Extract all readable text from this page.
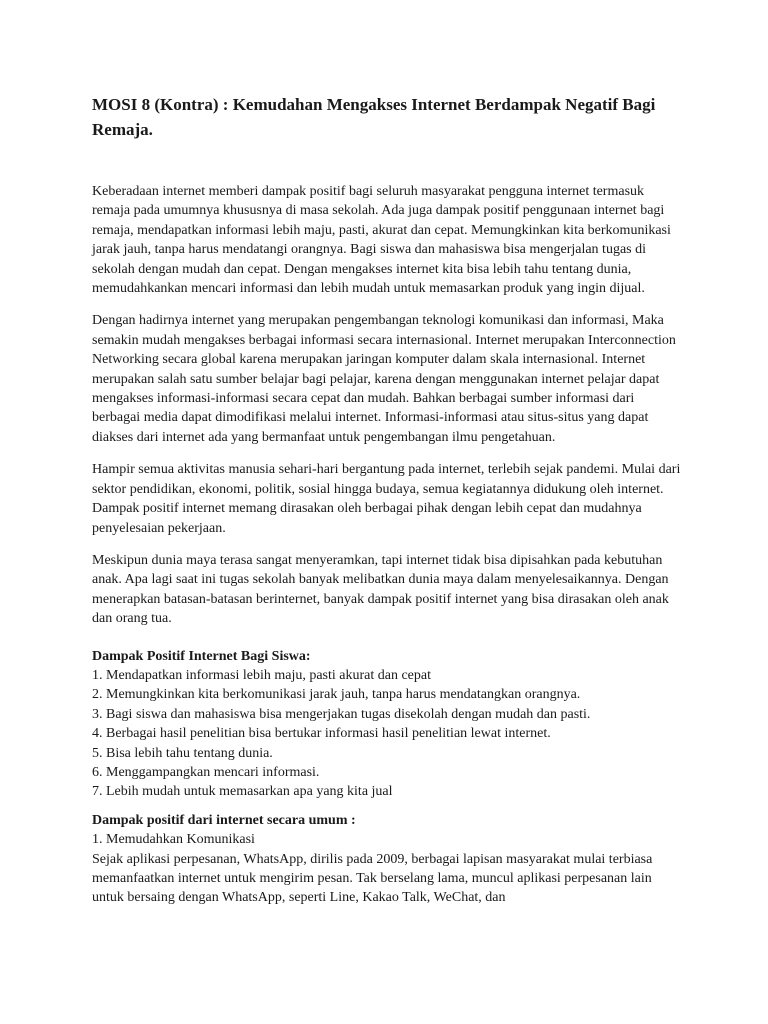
MOSI 8 (Kontra) : Kemudahan Mengakses Internet Berdampak Negatif Bagi Remaja.

Keberadaan internet memberi dampak positif bagi seluruh masyarakat pengguna internet termasuk remaja pada umumnya khususnya di masa sekolah. Ada juga dampak positif penggunaan internet bagi remaja, mendapatkan informasi lebih maju, pasti, akurat dan cepat. Memungkinkan kita berkomunikasi jarak jauh, tanpa harus mendatangi orangnya. Bagi siswa dan mahasiswa bisa mengerjalan tugas di sekolah dengan mudah dan cepat. Dengan mengakses internet kita bisa lebih tahu tentang dunia, memudahkankan mencari informasi dan lebih mudah untuk memasarkan produk yang ingin dijual.

Dengan hadirnya internet yang merupakan pengembangan teknologi komunikasi dan informasi, Maka semakin mudah mengakses berbagai informasi secara internasional. Internet merupakan Interconnection Networking secara global karena merupakan jaringan komputer dalam skala internasional. Internet merupakan salah satu sumber belajar bagi pelajar, karena dengan menggunakan internet pelajar dapat mengakses informasi-informasi secara cepat dan mudah. Bahkan berbagai sumber informasi dari berbagai media dapat dimodifikasi melalui internet. Informasi-informasi atau situs-situs yang dapat diakses dari internet ada yang bermanfaat untuk pengembangan ilmu pengetahuan.

Hampir semua aktivitas manusia sehari-hari bergantung pada internet, terlebih sejak pandemi. Mulai dari sektor pendidikan, ekonomi, politik, sosial hingga budaya, semua kegiatannya didukung oleh internet. Dampak positif internet memang dirasakan oleh berbagai pihak dengan lebih cepat dan mudahnya penyelesaian pekerjaan.

Meskipun dunia maya terasa sangat menyeramkan, tapi internet tidak bisa dipisahkan pada kebutuhan anak. Apa lagi saat ini tugas sekolah banyak melibatkan dunia maya dalam menyelesaikannya. Dengan menerapkan batasan-batasan berinternet, banyak dampak positif internet yang bisa dirasakan oleh anak dan orang tua.

Dampak Positif Internet Bagi Siswa:

1. Mendapatkan informasi lebih maju, pasti akurat dan cepat
2. Memungkinkan kita berkomunikasi jarak jauh, tanpa harus mendatangkan orangnya.
3. Bagi siswa dan mahasiswa bisa mengerjakan tugas disekolah dengan mudah dan pasti.
4. Berbagai hasil penelitian bisa bertukar informasi hasil penelitian lewat internet.
5. Bisa lebih tahu tentang dunia.
6. Menggampangkan mencari informasi.
7. Lebih mudah untuk memasarkan apa yang kita jual

Dampak positif dari internet secara umum :

1. Memudahkan Komunikasi

Sejak aplikasi perpesanan, WhatsApp, dirilis pada 2009, berbagai lapisan masyarakat mulai terbiasa memanfaatkan internet untuk mengirim pesan. Tak berselang lama, muncul aplikasi perpesanan lain untuk bersaing dengan WhatsApp, seperti Line, Kakao Talk, WeChat, dan
